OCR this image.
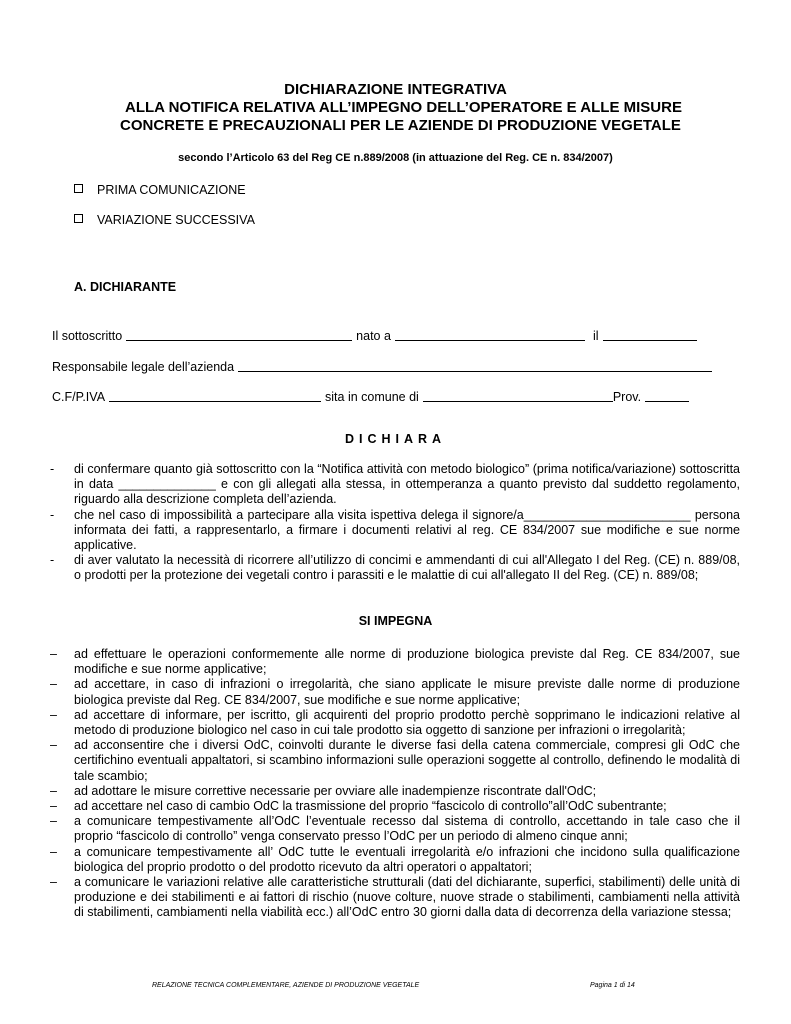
DICHIARAZIONE INTEGRATIVA
ALLA NOTIFICA RELATIVA ALL’IMPEGNO DELL’OPERATORE E ALLE MISURE
CONCRETE E PRECAUZIONALI PER LE AZIENDE DI PRODUZIONE VEGETALE
secondo l’Articolo 63 del Reg CE n.889/2008 (in attuazione del Reg. CE n. 834/2007)
PRIMA COMUNICAZIONE
VARIAZIONE SUCCESSIVA
A. DICHIARANTE
Il sottoscritto	nato a	il
Responsabile legale dell’azienda
C.F/P.IVA	sita in comune di	Prov.
DICHIARA
- di confermare quanto già sottoscritto con la “Notifica attività con metodo biologico” (prima notifica/variazione) sottoscritta in data ______________ e con gli allegati alla stessa, in ottemperanza a quanto previsto dal suddetto regolamento, riguardo alla descrizione completa dell’azienda.
- che nel caso di impossibilità a partecipare alla visita ispettiva delega il signore/a________________________ persona informata dei fatti, a rappresentarlo, a firmare i documenti relativi al reg. CE 834/2007 sue modifiche e sue norme applicative.
- di aver valutato la necessità di ricorrere all’utilizzo di concimi e ammendanti di cui all'Allegato I del Reg. (CE) n. 889/08, o prodotti per la protezione dei vegetali contro i parassiti e le malattie di cui all'allegato II del Reg. (CE) n. 889/08;
SI IMPEGNA
– ad effettuare le operazioni conformemente alle norme di produzione biologica previste dal Reg. CE 834/2007, sue modifiche e sue norme applicative;
– ad accettare, in caso di infrazioni o irregolarità, che siano applicate le misure previste dalle norme di produzione biologica previste dal Reg. CE 834/2007, sue modifiche e sue norme applicative;
– ad accettare di informare, per iscritto, gli acquirenti del proprio prodotto perchè sopprimano le indicazioni relative al metodo di produzione biologico nel caso in cui tale prodotto sia oggetto di sanzione per infrazioni o irregolarità;
– ad acconsentire che i diversi OdC, coinvolti durante le diverse fasi della catena commerciale, compresi gli OdC che certifichino eventuali appaltatori, si scambino informazioni sulle operazioni soggette al controllo, definendo le modalità di tale scambio;
– ad adottare le misure correttive necessarie per ovviare alle inadempienze riscontrate dall'OdC;
– ad accettare nel caso di cambio OdC la trasmissione del proprio “fascicolo di controllo”all’OdC subentrante;
– a comunicare tempestivamente all’OdC l’eventuale recesso dal sistema di controllo, accettando in tale caso che il proprio “fascicolo di controllo” venga conservato presso l’OdC per un periodo di almeno cinque anni;
– a comunicare tempestivamente all’ OdC tutte le eventuali irregolarità e/o infrazioni che incidono sulla qualificazione biologica del proprio prodotto o del prodotto ricevuto da altri operatori o appaltatori;
– a comunicare le variazioni relative alle caratteristiche strutturali (dati del dichiarante, superfici, stabilimenti) delle unità di produzione e dei stabilimenti e ai fattori di rischio (nuove colture, nuove strade o stabilimenti, cambiamenti nella attività di stabilimenti, cambiamenti nella viabilità ecc.) all’OdC entro 30 giorni dalla data di decorrenza della variazione stessa;
RELAZIONE TECNICA COMPLEMENTARE, AZIENDE DI PRODUZIONE VEGETALE	Pagina 1 di 14
